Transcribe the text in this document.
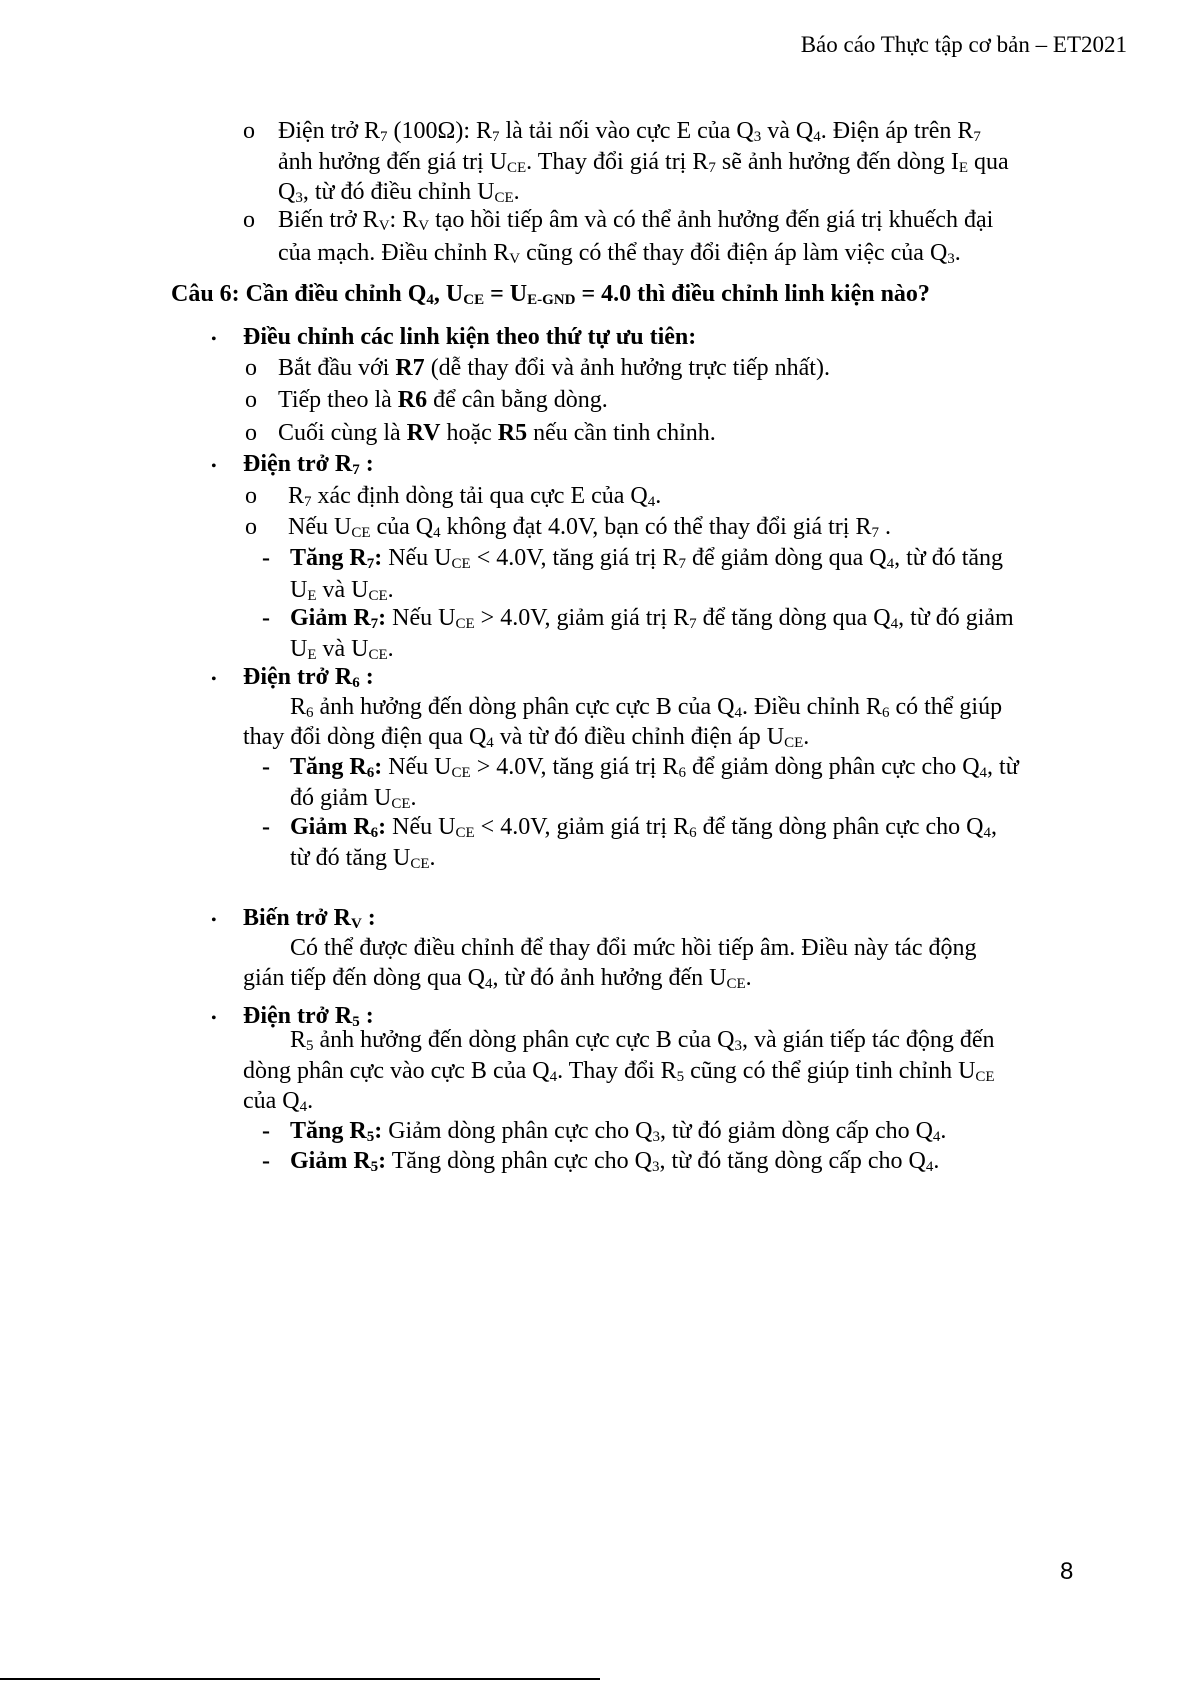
Báo cáo Thực tập cơ bản – ET2021
o Điện trở $R_7$ (100Ω): $R_7$ là tải nối vào cực E của $Q_3$ và $Q_4$. Điện áp trên $R_7$
ảnh hưởng đến giá trị $U_{CE}$. Thay đổi giá trị $R_7$ sẽ ảnh hưởng đến dòng $I_E$ qua
$Q_3$, từ đó điều chỉnh $U_{CE}$.
o Biến trở $R_V$: $R_V$ tạo hồi tiếp âm và có thể ảnh hưởng đến giá trị khuếch đại
của mạch. Điều chỉnh $R_V$ cũng có thể thay đổi điện áp làm việc của $Q_3$.
Câu 6: Cần điều chỉnh $Q_4$, $U_{CE} = U_{E-GND} = 4.0$ thì điều chỉnh linh kiện nào?
• Điều chỉnh các linh kiện theo thứ tự ưu tiên:
o Bắt đầu với R7 (dễ thay đổi và ảnh hưởng trực tiếp nhất).
o Tiếp theo là R6 để cân bằng dòng.
o Cuối cùng là RV hoặc R5 nếu cần tinh chỉnh.
• Điện trở $R_7$ :
o $R_7$ xác định dòng tải qua cực E của $Q_4$.
o Nếu $U_{CE}$ của $Q_4$ không đạt 4.0V, bạn có thể thay đổi giá trị $R_7$ .
- Tăng $R_7$: Nếu $U_{CE} < 4.0V$, tăng giá trị $R_7$ để giảm dòng qua $Q_4$, từ đó tăng
$U_E$ và $U_{CE}$.
- Giảm $R_7$: Nếu $U_{CE} > 4.0V$, giảm giá trị $R_7$ để tăng dòng qua $Q_4$, từ đó giảm
$U_E$ và $U_{CE}$.
• Điện trở $R_6$ :
$R_6$ ảnh hưởng đến dòng phân cực cực B của $Q_4$. Điều chỉnh $R_6$ có thể giúp
thay đổi dòng điện qua $Q_4$ và từ đó điều chỉnh điện áp $U_{CE}$.
- Tăng $R_6$: Nếu $U_{CE} > 4.0V$, tăng giá trị $R_6$ để giảm dòng phân cực cho $Q_4$, từ
đó giảm $U_{CE}$.
- Giảm $R_6$: Nếu $U_{CE} < 4.0V$, giảm giá trị $R_6$ để tăng dòng phân cực cho $Q_4$,
từ đó tăng $U_{CE}$.
• Biến trở $R_V$ :
Có thể được điều chỉnh để thay đổi mức hồi tiếp âm. Điều này tác động
gián tiếp đến dòng qua $Q_4$, từ đó ảnh hưởng đến $U_{CE}$.
• Điện trở $R_5$ :
$R_5$ ảnh hưởng đến dòng phân cực cực B của $Q_3$, và gián tiếp tác động đến
dòng phân cực vào cực B của $Q_4$. Thay đổi $R_5$ cũng có thể giúp tinh chỉnh $U_{CE}$
của $Q_4$.
- Tăng $R_5$: Giảm dòng phân cực cho $Q_3$, từ đó giảm dòng cấp cho $Q_4$.
- Giảm $R_5$: Tăng dòng phân cực cho $Q_3$, từ đó tăng dòng cấp cho $Q_4$.
8
